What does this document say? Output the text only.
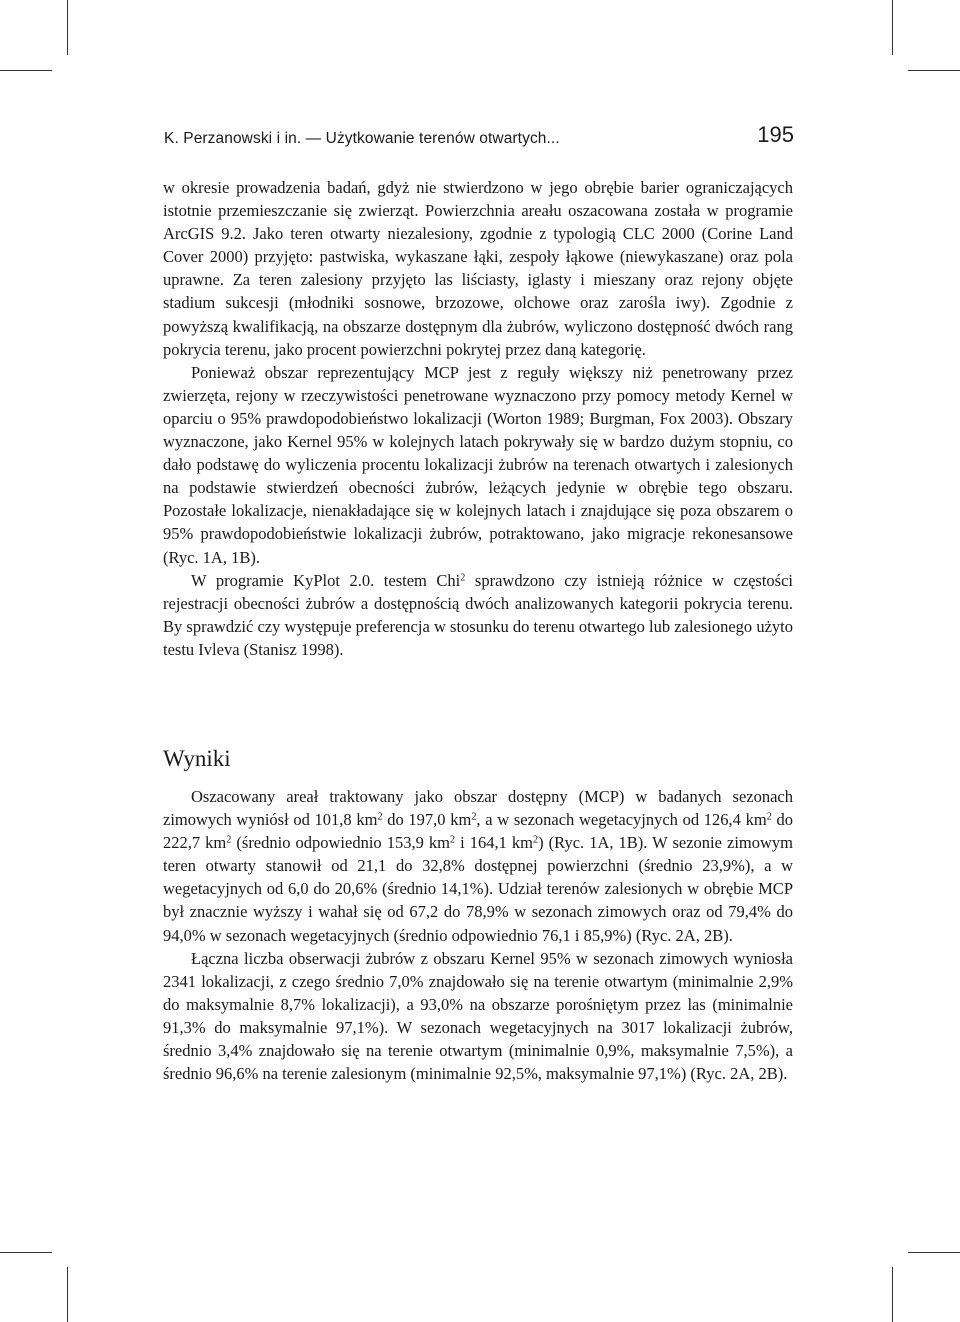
K. Perzanowski i in. — Użytkowanie terenów otwartych...	195

w okresie prowadzenia badań, gdyż nie stwierdzono w jego obrębie barier ograniczających istotnie przemieszczanie się zwierząt. Powierzchnia areału oszacowana została w programie ArcGIS 9.2. Jako teren otwarty niezalesiony, zgodnie z typologią CLC 2000 (Corine Land Cover 2000) przyjęto: pastwiska, wykaszane łąki, zespoły łąkowe (niewykaszane) oraz pola uprawne. Za teren zalesiony przyjęto las liściasty, iglasty i mieszany oraz rejony objęte stadium sukcesji (młodniki sosnowe, brzozowe, olchowe oraz zarośla iwy). Zgodnie z powyższą kwalifikacją, na obszarze dostępnym dla żubrów, wyliczono dostępność dwóch rang pokrycia terenu, jako procent powierzchni pokrytej przez daną kategorię.

Ponieważ obszar reprezentujący MCP jest z reguły większy niż penetrowany przez zwierzęta, rejony w rzeczywistości penetrowane wyznaczono przy pomocy metody Kernel w oparciu o 95% prawdopodobieństwo lokalizacji (Worton 1989; Burgman, Fox 2003). Obszary wyznaczone, jako Kernel 95% w kolejnych latach pokrywały się w bardzo dużym stopniu, co dało podstawę do wyliczenia procentu lokalizacji żubrów na terenach otwartych i zalesionych na podstawie stwierdzeń obecności żubrów, leżących jedynie w obrębie tego obszaru. Pozostałe lokalizacje, nienakładające się w kolejnych latach i znajdujące się poza obszarem o 95% prawdopodobieństwie lokalizacji żubrów, potraktowano, jako migracje rekonesansowe (Ryc. 1A, 1B).

W programie KyPlot 2.0. testem Chi$^2$ sprawdzono czy istnieją różnice w częstości rejestracji obecności żubrów a dostępnością dwóch analizowanych kategorii pokrycia terenu. By sprawdzić czy występuje preferencja w stosunku do terenu otwartego lub zalesionego użyto testu Ivleva (Stanisz 1998).

Wyniki

Oszacowany areał traktowany jako obszar dostępny (MCP) w badanych sezonach zimowych wyniósł od 101,8 $km^2$ do 197,0 $km^2$, a w sezonach wegetacyjnych od 126,4 $km^2$ do 222,7 $km^2$ (średnio odpowiednio 153,9 $km^2$ i 164,1 $km^2$) (Ryc. 1A, 1B). W sezonie zimowym teren otwarty stanowił od 21,1 do 32,8% dostępnej powierzchni (średnio 23,9%), a w wegetacyjnych od 6,0 do 20,6% (średnio 14,1%). Udział terenów zalesionych w obrębie MCP był znacznie wyższy i wahał się od 67,2 do 78,9% w sezonach zimowych oraz od 79,4% do 94,0% w sezonach wegetacyjnych (średnio odpowiednio 76,1 i 85,9%) (Ryc. 2A, 2B).

Łączna liczba obserwacji żubrów z obszaru Kernel 95% w sezonach zimowych wyniosła 2341 lokalizacji, z czego średnio 7,0% znajdowało się na terenie otwartym (minimalnie 2,9% do maksymalnie 8,7% lokalizacji), a 93,0% na obszarze porośniętym przez las (minimalnie 91,3% do maksymalnie 97,1%). W sezonach wegetacyjnych na 3017 lokalizacji żubrów, średnio 3,4% znajdowało się na terenie otwartym (minimalnie 0,9%, maksymalnie 7,5%), a średnio 96,6% na terenie zalesionym (minimalnie 92,5%, maksymalnie 97,1%) (Ryc. 2A, 2B).
